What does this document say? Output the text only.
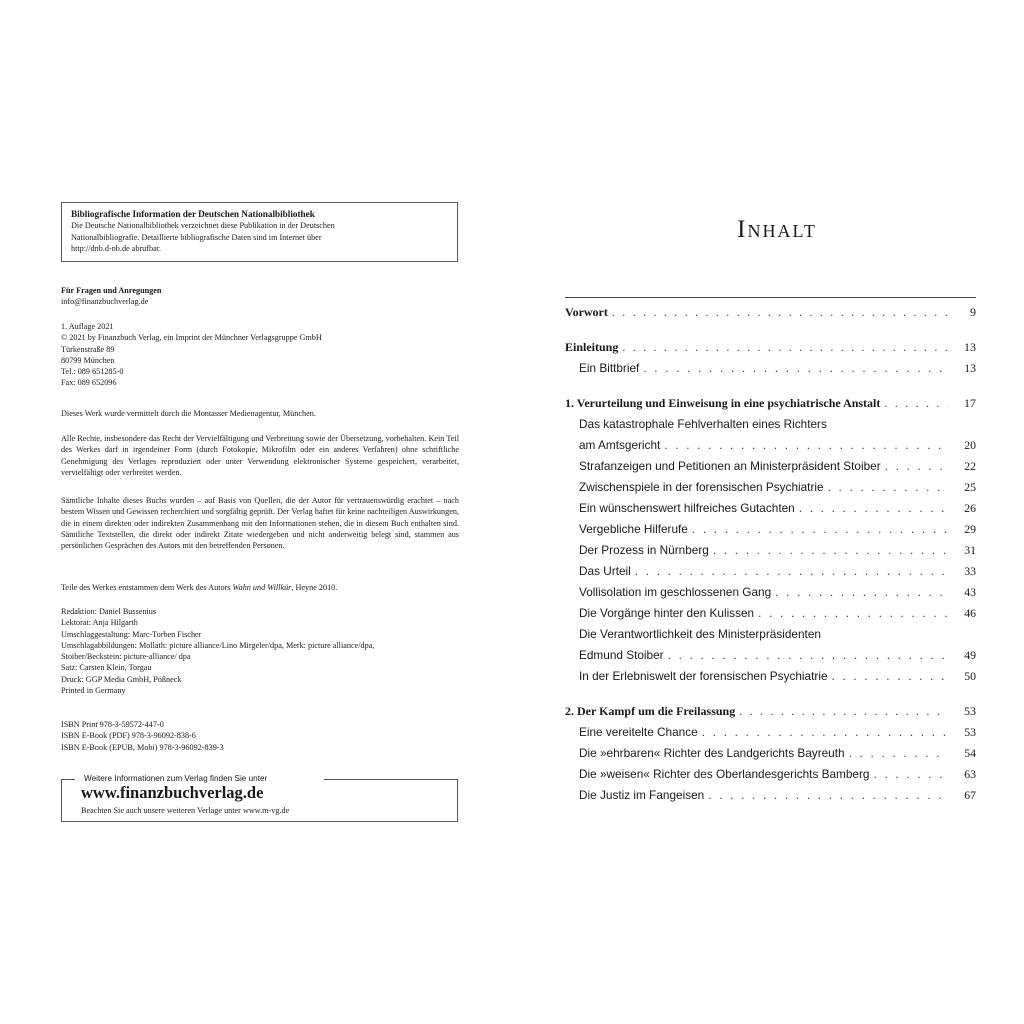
Bibliografische Information der Deutschen Nationalbibliothek
Die Deutsche Nationalbibliothek verzeichnet diese Publikation in der Deutschen
Nationalbibliografie. Detaillierte bibliografische Daten sind im Internet über
http://dnb.d-nb.de abrufbar.
Für Fragen und Anregungen
info@finanzbuchverlag.de
1. Auflage 2021
© 2021 by Finanzbuch Verlag, ein Imprint der Münchner Verlagsgruppe GmbH
Türkenstraße 89
80799 München
Tel.: 089 651285-0
Fax: 089 652096
Dieses Werk wurde vermittelt durch die Montasser Medienagentur, München.
Alle Rechte, insbesondere das Recht der Vervielfältigung und Verbreitung sowie der Übersetzung, vorbehalten. Kein Teil des Werkes darf in irgendeiner Form (durch Fotokopie, Mikrofilm oder ein anderes Verfahren) ohne schriftliche Genehmigung des Verlages reproduziert oder unter Verwendung elektronischer Systeme gespeichert, verarbeitet, vervielfältigt oder verbreitet werden.
Sämtliche Inhalte dieses Buchs wurden – auf Basis von Quellen, die der Autor für vertrauenswürdig erachtet – nach bestem Wissen und Gewissen recherchiert und sorgfältig geprüft. Der Verlag haftet für keine nachteiligen Auswirkungen, die in einem direkten oder indirekten Zusammenhang mit den Informationen stehen, die in diesem Buch enthalten sind. Sämtliche Textstellen, die direkt oder indirekt Zitate wiedergeben und nicht anderweitig belegt sind, stammen aus persönlichen Gesprächen des Autors mit den betreffenden Personen.
Teile des Werkes entstammen dem Werk des Autors Wahn und Willkür, Heyne 2010.
Redaktion: Daniel Bussenius
Lektorat: Anja Hilgarth
Umschlaggestaltung: Marc-Torben Fischer
Umschlagabbildungen: Mollath: picture alliance/Lino Mirgeler/dpa, Merk: picture alliance/dpa,
Stoiber/Beckstein: picture-alliance/ dpa
Satz: Carsten Klein, Torgau
Druck: GGP Media GmbH, Pößneck
Printed in Germany
ISBN Print 978-3-59572-447-0
ISBN E-Book (PDF) 978-3-96092-838-6
ISBN E-Book (EPUB, Mobi) 978-3-96092-839-3
Weitere Informationen zum Verlag finden Sie unter
www.finanzbuchverlag.de
Beachten Sie auch unsere weiteren Verlage unter www.m-vg.de
Inhalt
Vorwort . . .	9
Einleitung . . .	13
Ein Bittbrief . . .	13
1. Verurteilung und Einweisung in eine psychiatrische Anstalt . . .	17
Das katastrophale Fehlverhalten eines Richters
am Amtsgericht . . .	20
Strafanzeigen und Petitionen an Ministerpräsident Stoiber . . .	22
Zwischenspiele in der forensischen Psychiatrie . . .	25
Ein wünschenswert hilfreiches Gutachten . . .	26
Vergebliche Hilferufe . . .	29
Der Prozess in Nürnberg . . .	31
Das Urteil . . .	33
Vollisolation im geschlossenen Gang . . .	43
Die Vorgänge hinter den Kulissen . . .	46
Die Verantwortlichkeit des Ministerpräsidenten
Edmund Stoiber . . .	49
In der Erlebniswelt der forensischen Psychiatrie . . .	50
2. Der Kampf um die Freilassung . . .	53
Eine vereitelte Chance . . .	53
Die »ehrbaren« Richter des Landgerichts Bayreuth . . .	54
Die »weisen« Richter des Oberlandesgerichts Bamberg . . .	63
Die Justiz im Fangeisen . . .	67
